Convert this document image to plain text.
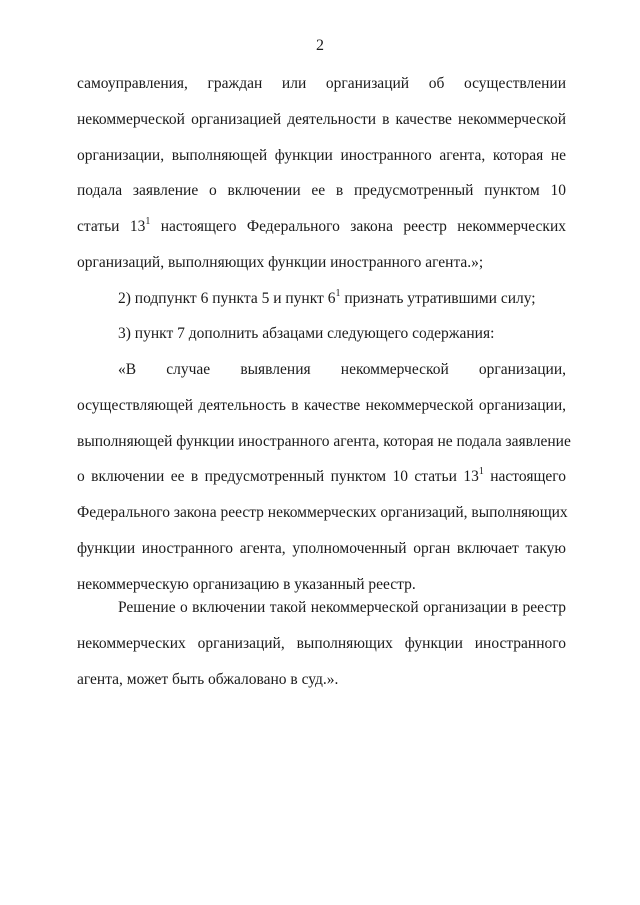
2
самоуправления, граждан или организаций об осуществлении
некоммерческой организацией деятельности в качестве некоммерческой
организации, выполняющей функции иностранного агента, которая не
подала заявление о включении ее в предусмотренный пунктом 10
статьи $13^1$ настоящего Федерального закона реестр некоммерческих
организаций, выполняющих функции иностранного агента.»;
2) подпункт 6 пункта 5 и пункт $6^1$ признать утратившими силу;
3) пункт 7 дополнить абзацами следующего содержания:
«В случае выявления некоммерческой организации,
осуществляющей деятельность в качестве некоммерческой организации,
выполняющей функции иностранного агента, которая не подала заявление
о включении ее в предусмотренный пунктом 10 статьи $13^1$ настоящего
Федерального закона реестр некоммерческих организаций, выполняющих
функции иностранного агента, уполномоченный орган включает такую
некоммерческую организацию в указанный реестр.
Решение о включении такой некоммерческой организации в реестр
некоммерческих организаций, выполняющих функции иностранного
агента, может быть обжаловано в суд.».
